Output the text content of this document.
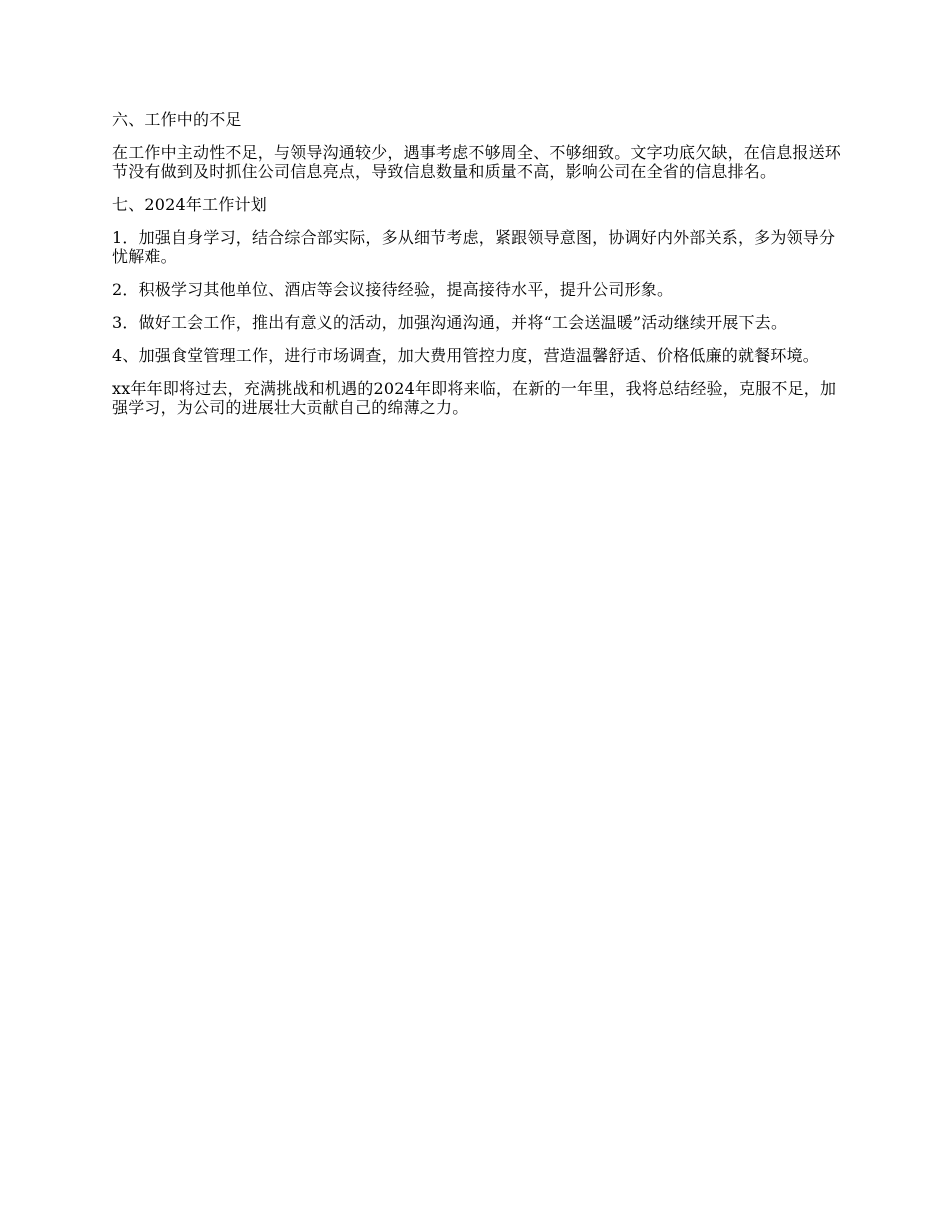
六、工作中的不足

在工作中主动性不足，与领导沟通较少，遇事考虑不够周全、不够细致。文字功底欠缺，在信息报送环节没有做到及时抓住公司信息亮点，导致信息数量和质量不高，影响公司在全省的信息排名。

七、2024年工作计划

1．加强自身学习，结合综合部实际，多从细节考虑，紧跟领导意图，协调好内外部关系，多为领导分忧解难。

2．积极学习其他单位、酒店等会议接待经验，提高接待水平，提升公司形象。

3．做好工会工作，推出有意义的活动，加强沟通沟通，并将“工会送温暖”活动继续开展下去。

4、加强食堂管理工作，进行市场调查，加大费用管控力度，营造温馨舒适、价格低廉的就餐环境。

xx年年即将过去，充满挑战和机遇的2024年即将来临，在新的一年里，我将总结经验，克服不足，加强学习，为公司的进展壮大贡献自己的绵薄之力。
